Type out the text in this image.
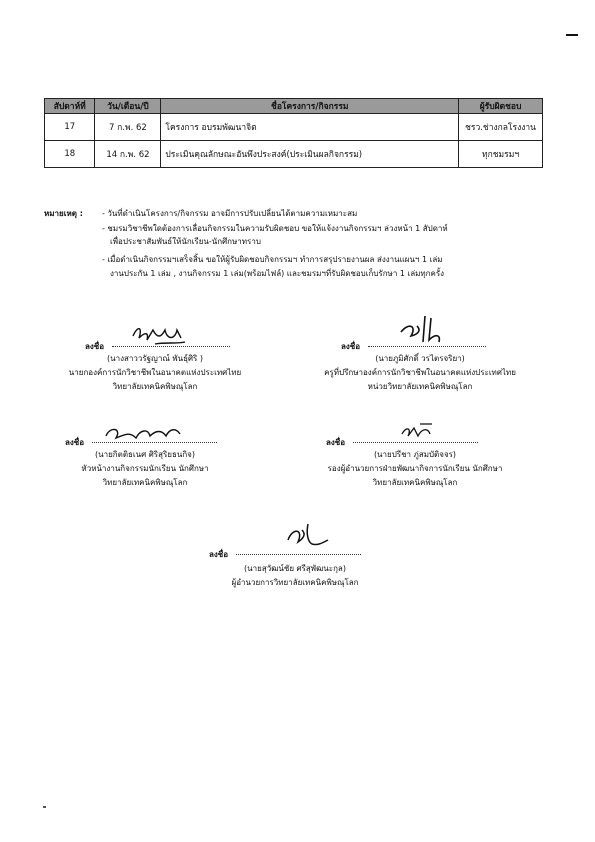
สัปดาห์ที่	วัน/เดือน/ปี	ชื่อโครงการ/กิจกรรม	ผู้รับผิดชอบ
17	7 ก.พ. 62	โครงการ อบรมพัฒนาจิต	ชรว.ช่างกลโรงงาน
18	14 ก.พ. 62	ประเมินคุณลักษณะอันพึงประสงค์(ประเมินผลกิจกรรม)	ทุกชมรมฯ
หมายเหตุ : - วันที่ดำเนินโครงการ/กิจกรรม อาจมีการปรับเปลี่ยนได้ตามความเหมาะสม
- ชมรมวิชาชีพใดต้องการเลื่อนกิจกรรมในความรับผิดชอบ ขอให้แจ้งงานกิจกรรมฯ ล่วงหน้า 1 สัปดาห์
เพื่อประชาสัมพันธ์ให้นักเรียน-นักศึกษาทราบ
- เมื่อดำเนินกิจกรรมฯเสร็จสิ้น ขอให้ผู้รับผิดชอบกิจกรรมฯ ทำการสรุปรายงานผล ส่งงานแผนฯ 1 เล่ม
งานประกัน 1 เล่ม , งานกิจกรรม 1 เล่ม(พร้อมไฟล์) และชมรมฯที่รับผิดชอบเก็บรักษา 1 เล่มทุกครั้ง
ลงชื่อ
(นางสาววรัฐญาณ์ พันธุ์ศิริ )
นายกองค์การนักวิชาชีพในอนาคตแห่งประเทศไทย
วิทยาลัยเทคนิคพิษณุโลก
ลงชื่อ
(นายภูมิศักดิ์ วรไตรจริยา)
ครูที่ปรึกษาองค์การนักวิชาชีพในอนาคตแห่งประเทศไทย
หน่วยวิทยาลัยเทคนิคพิษณุโลก
ลงชื่อ
(นายกิตติธเนศ ศิริสุริยธนกิจ)
หัวหน้างานกิจกรรมนักเรียน นักศึกษา
วิทยาลัยเทคนิคพิษณุโลก
ลงชื่อ
(นายปรีชา ภู่สมบัติจจร)
รองผู้อำนวยการฝ่ายพัฒนากิจการนักเรียน นักศึกษา
วิทยาลัยเทคนิคพิษณุโลก
ลงชื่อ
(นายสุวัฒน์ชัย ศรีสุพัฒนะกุล)
ผู้อำนวยการวิทยาลัยเทคนิคพิษณุโลก
